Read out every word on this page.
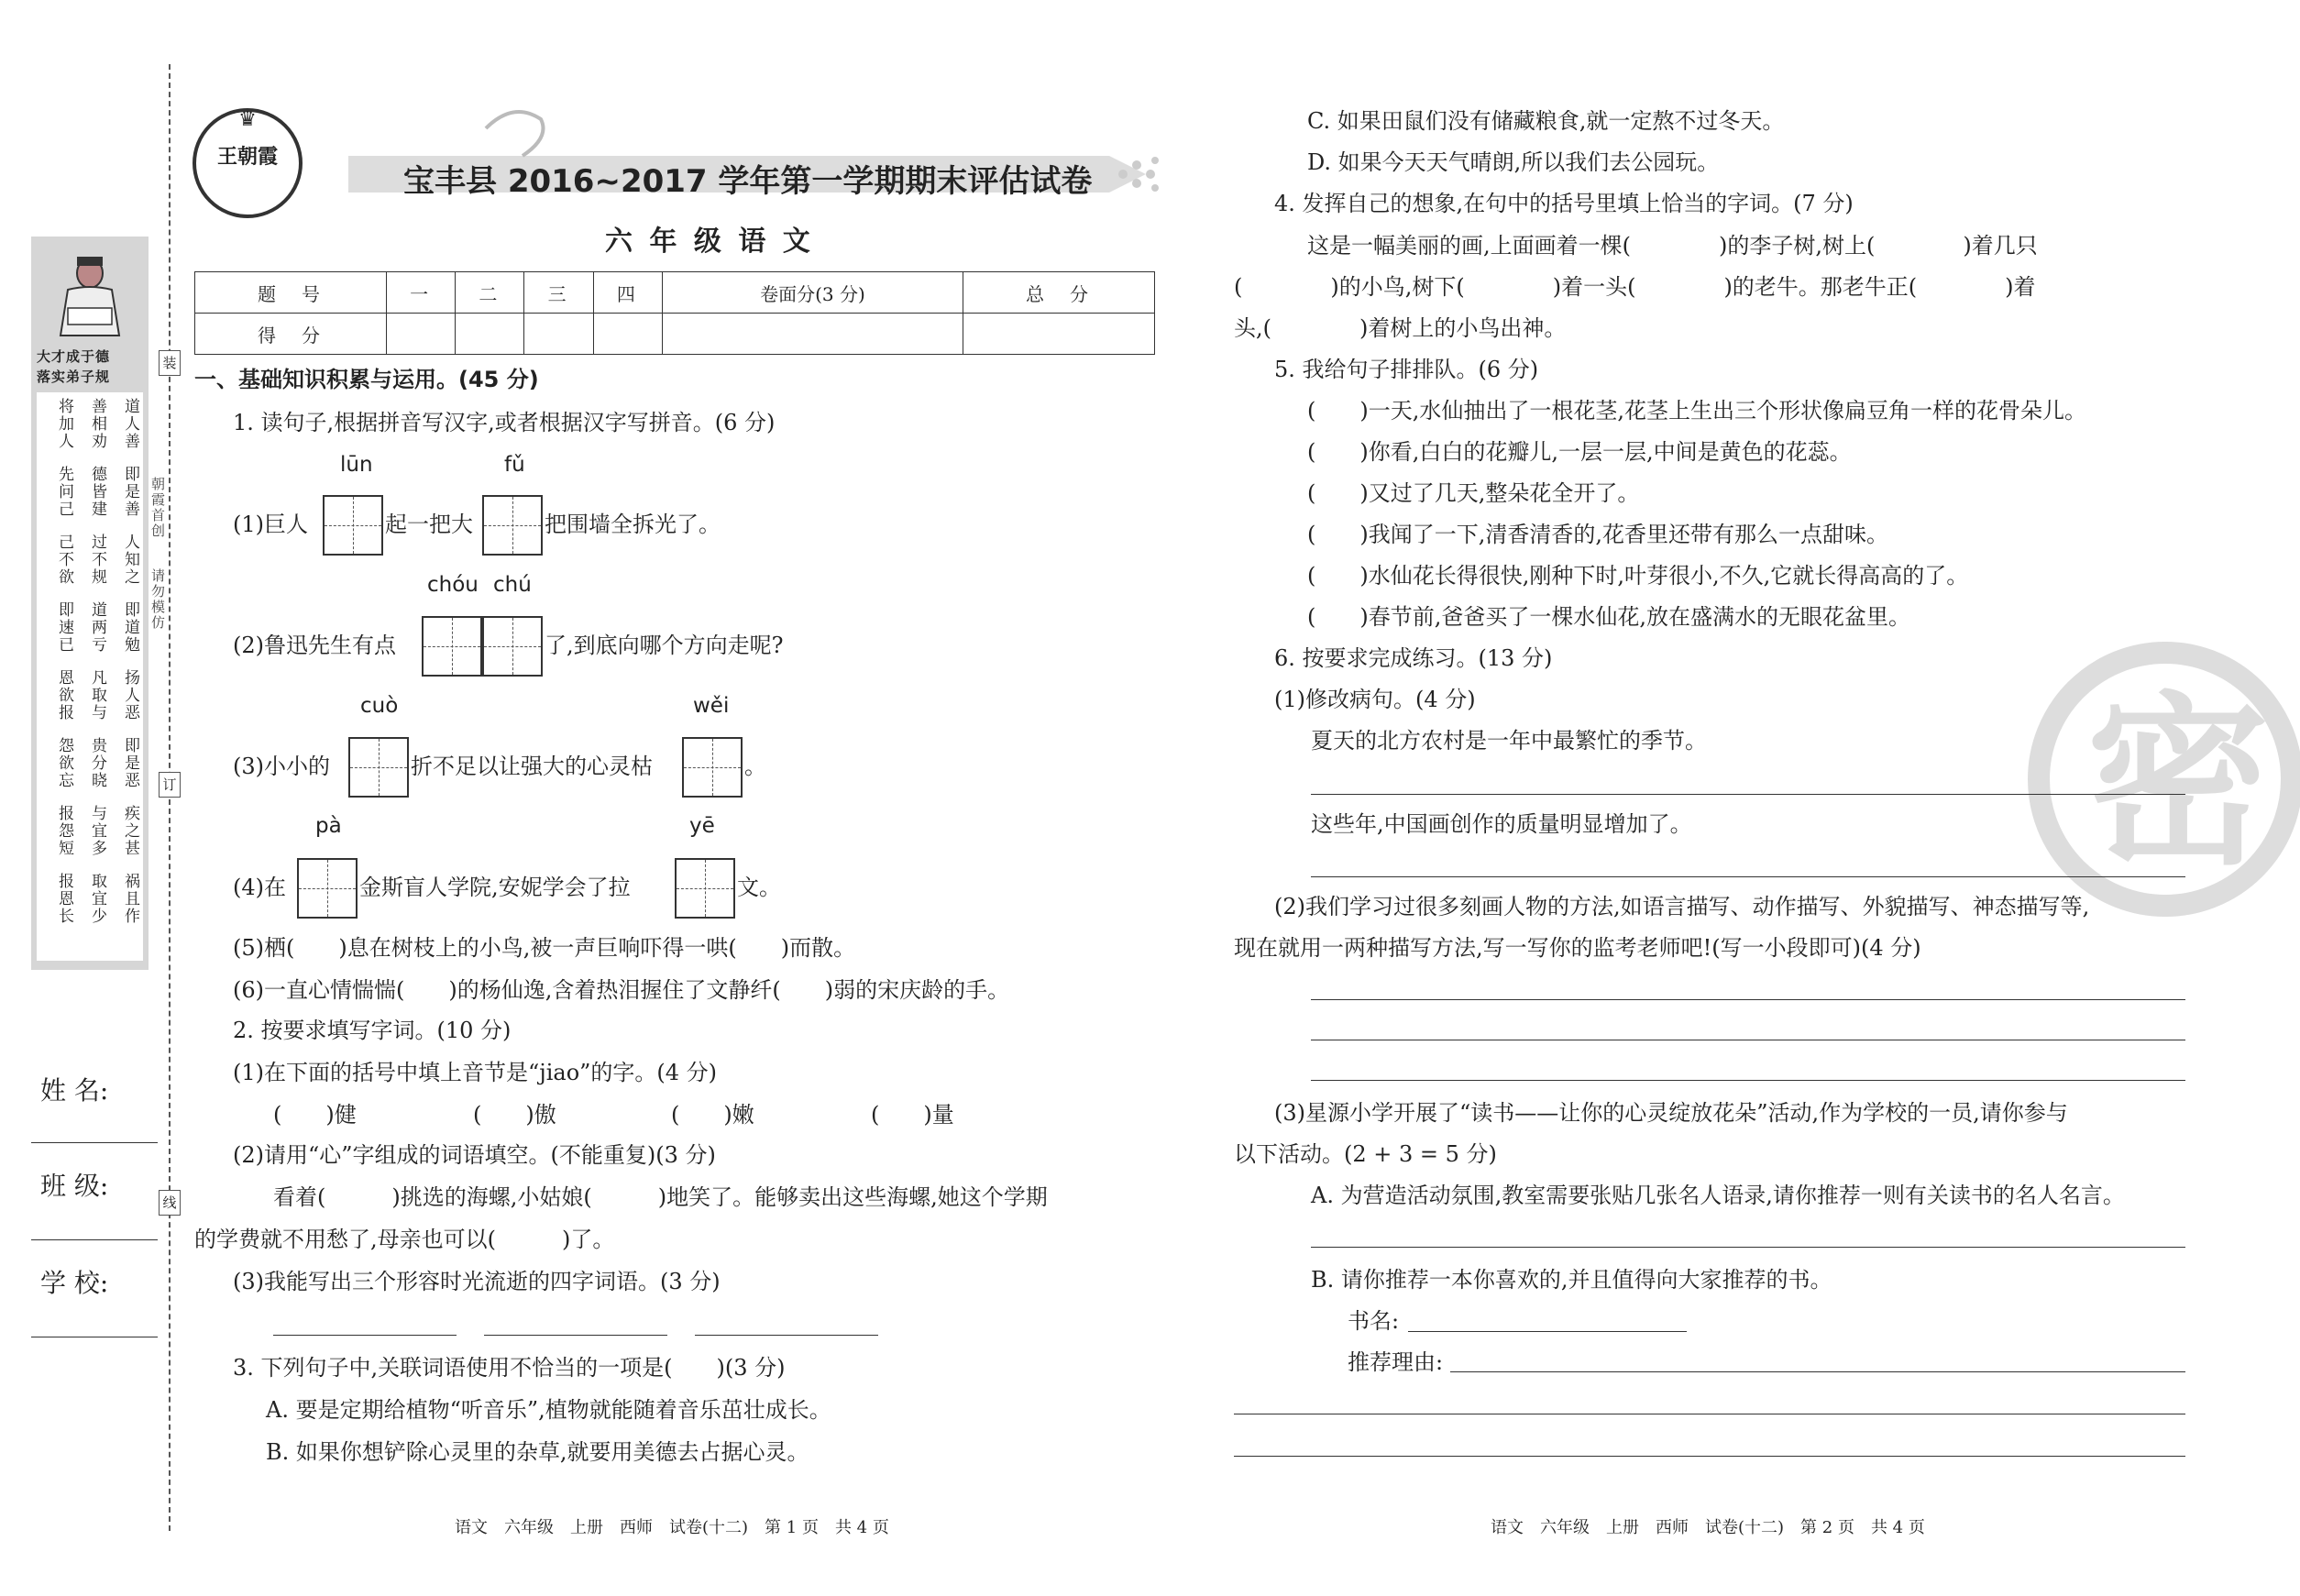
朝霞首创
请勿模仿
装
订
线
大才成于德
落实弟子规
道人善
善相劝
将加人
即是善
德皆建
先问己
人知之
过不规
己不欲
即道勉
道两亏
即速已
扬人恶
凡取与
恩欲报
即是恶
贵分晓
怨欲忘
疾之甚
与宜多
报怨短
祸且作
取宜少
报恩长
姓 名:
班 级:
学 校:
♛
王朝霞
宝丰县 2016~2017 学年第一学期期末评估试卷
六 年 级 语 文
题　号	一	二	三	四	卷面分(3 分)	总　分
得　分						
一、基础知识积累与运用。(45 分)
1. 读句子,根据拼音写汉字,或者根据汉字写拼音。(6 分)
lūn	fǔ
(1)巨人	起一把大	把围墙全拆光了。
chóu chú
(2)鲁迅先生有点	了,到底向哪个方向走呢?
cuò	wěi
(3)小小的	折不足以让强大的心灵枯	。
pà	yē
(4)在	金斯盲人学院,安妮学会了拉	文。
(5)栖(　　)息在树枝上的小鸟,被一声巨响吓得一哄(　　)而散。
(6)一直心情惴惴(　　)的杨仙逸,含着热泪握住了文静纤(　　)弱的宋庆龄的手。
2. 按要求填写字词。(10 分)
(1)在下面的括号中填上音节是“jiao”的字。(4 分)
(　　)健	(　　)傲	(　　)嫩	(　　)量
(2)请用“心”字组成的词语填空。(不能重复)(3 分)
看着(　　　)挑选的海螺,小姑娘(　　　)地笑了。能够卖出这些海螺,她这个学期
的学费就不用愁了,母亲也可以(　　　)了。
(3)我能写出三个形容时光流逝的四字词语。(3 分)
3. 下列句子中,关联词语使用不恰当的一项是(　　)(3 分)
A. 要是定期给植物“听音乐”,植物就能随着音乐茁壮成长。
B. 如果你想铲除心灵里的杂草,就要用美德去占据心灵。
语文　六年级　上册　西师　试卷(十二)　第 1 页　共 4 页
密
C. 如果田鼠们没有储藏粮食,就一定熬不过冬天。
D. 如果今天天气晴朗,所以我们去公园玩。
4. 发挥自己的想象,在句中的括号里填上恰当的字词。(7 分)
这是一幅美丽的画,上面画着一棵(　　　　)的李子树,树上(　　　　)着几只
(　　　　)的小鸟,树下(　　　　)着一头(　　　　)的老牛。那老牛正(　　　　)着
头,(　　　　)着树上的小鸟出神。
5. 我给句子排排队。(6 分)
(　　)一天,水仙抽出了一根花茎,花茎上生出三个形状像扁豆角一样的花骨朵儿。
(　　)你看,白白的花瓣儿,一层一层,中间是黄色的花蕊。
(　　)又过了几天,整朵花全开了。
(　　)我闻了一下,清香清香的,花香里还带有那么一点甜味。
(　　)水仙花长得很快,刚种下时,叶芽很小,不久,它就长得高高的了。
(　　)春节前,爸爸买了一棵水仙花,放在盛满水的无眼花盆里。
6. 按要求完成练习。(13 分)
(1)修改病句。(4 分)
夏天的北方农村是一年中最繁忙的季节。
这些年,中国画创作的质量明显增加了。
(2)我们学习过很多刻画人物的方法,如语言描写、动作描写、外貌描写、神态描写等,
现在就用一两种描写方法,写一写你的监考老师吧!(写一小段即可)(4 分)
(3)星源小学开展了“读书——让你的心灵绽放花朵”活动,作为学校的一员,请你参与
以下活动。(2 + 3 = 5 分)
A. 为营造活动氛围,教室需要张贴几张名人语录,请你推荐一则有关读书的名人名言。
B. 请你推荐一本你喜欢的,并且值得向大家推荐的书。
书名:
推荐理由:
语文　六年级　上册　西师　试卷(十二)　第 2 页　共 4 页
